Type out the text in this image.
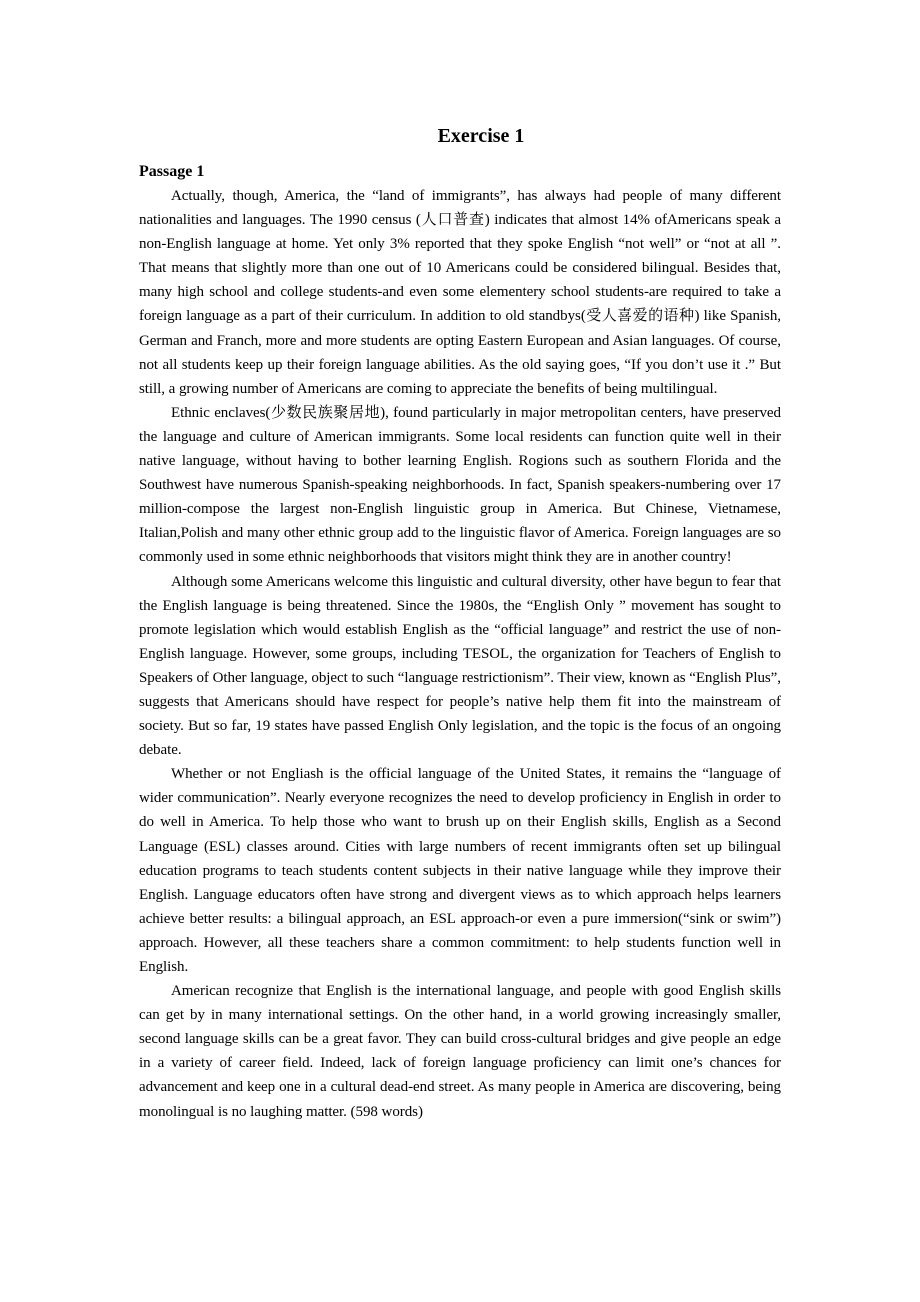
Exercise 1
Passage 1

Actually, though, America, the “land of immigrants”, has always had people of many different nationalities and languages. The 1990 census (人口普查) indicates that almost 14% ofAmericans speak a non-English language at home. Yet only 3% reported that they spoke English “not well” or “not at all ”. That means that slightly more than one out of 10 Americans could be considered bilingual. Besides that, many high school and college students-and even some elementery school students-are required to take a foreign language as a part of their curriculum. In addition to old standbys(受人喜爱的语种) like Spanish, German and Franch, more and more students are opting Eastern European and Asian languages. Of course, not all students keep up their foreign language abilities. As the old saying goes, “If you don’t use it .” But still, a growing number of Americans are coming to appreciate the benefits of being multilingual.

Ethnic enclaves(少数民族聚居地), found particularly in major metropolitan centers, have preserved the language and culture of American immigrants. Some local residents can function quite well in their native language, without having to bother learning English. Rogions such as southern Florida and the Southwest have numerous Spanish-speaking neighborhoods. In fact, Spanish speakers-numbering over 17 million-compose the largest non-English linguistic group in America. But Chinese, Vietnamese, Italian,Polish and many other ethnic group add to the linguistic flavor of America. Foreign languages are so commonly used in some ethnic neighborhoods that visitors might think they are in another country!

Although some Americans welcome this linguistic and cultural diversity, other have begun to fear that the English language is being threatened. Since the 1980s, the “English Only ” movement has sought to promote legislation which would establish English as the “official language” and restrict the use of non-English language. However, some groups, including TESOL, the organization for Teachers of English to Speakers of Other language, object to such “language restrictionism”. Their view, known as “English Plus”, suggests that Americans should have respect for people’s native help them fit into the mainstream of society. But so far, 19 states have passed English Only legislation, and the topic is the focus of an ongoing debate.

Whether or not Engliash is the official language of the United States, it remains the “language of wider communication”. Nearly everyone recognizes the need to develop proficiency in English in order to do well in America. To help those who want to brush up on their English skills, English as a Second Language (ESL) classes around. Cities with large numbers of recent immigrants often set up bilingual education programs to teach students content subjects in their native language while they improve their English. Language educators often have strong and divergent views as to which approach helps learners achieve better results: a bilingual approach, an ESL approach-or even a pure immersion(“sink or swim”) approach. However, all these teachers share a common commitment: to help students function well in English.

American recognize that English is the international language, and people with good English skills can get by in many international settings. On the other hand, in a world growing increasingly smaller, second language skills can be a great favor. They can build cross-cultural bridges and give people an edge in a variety of career field. Indeed, lack of foreign language proficiency can limit one’s chances for advancement and keep one in a cultural dead-end street. As many people in America are discovering, being monolingual is no laughing matter. (598 words)
